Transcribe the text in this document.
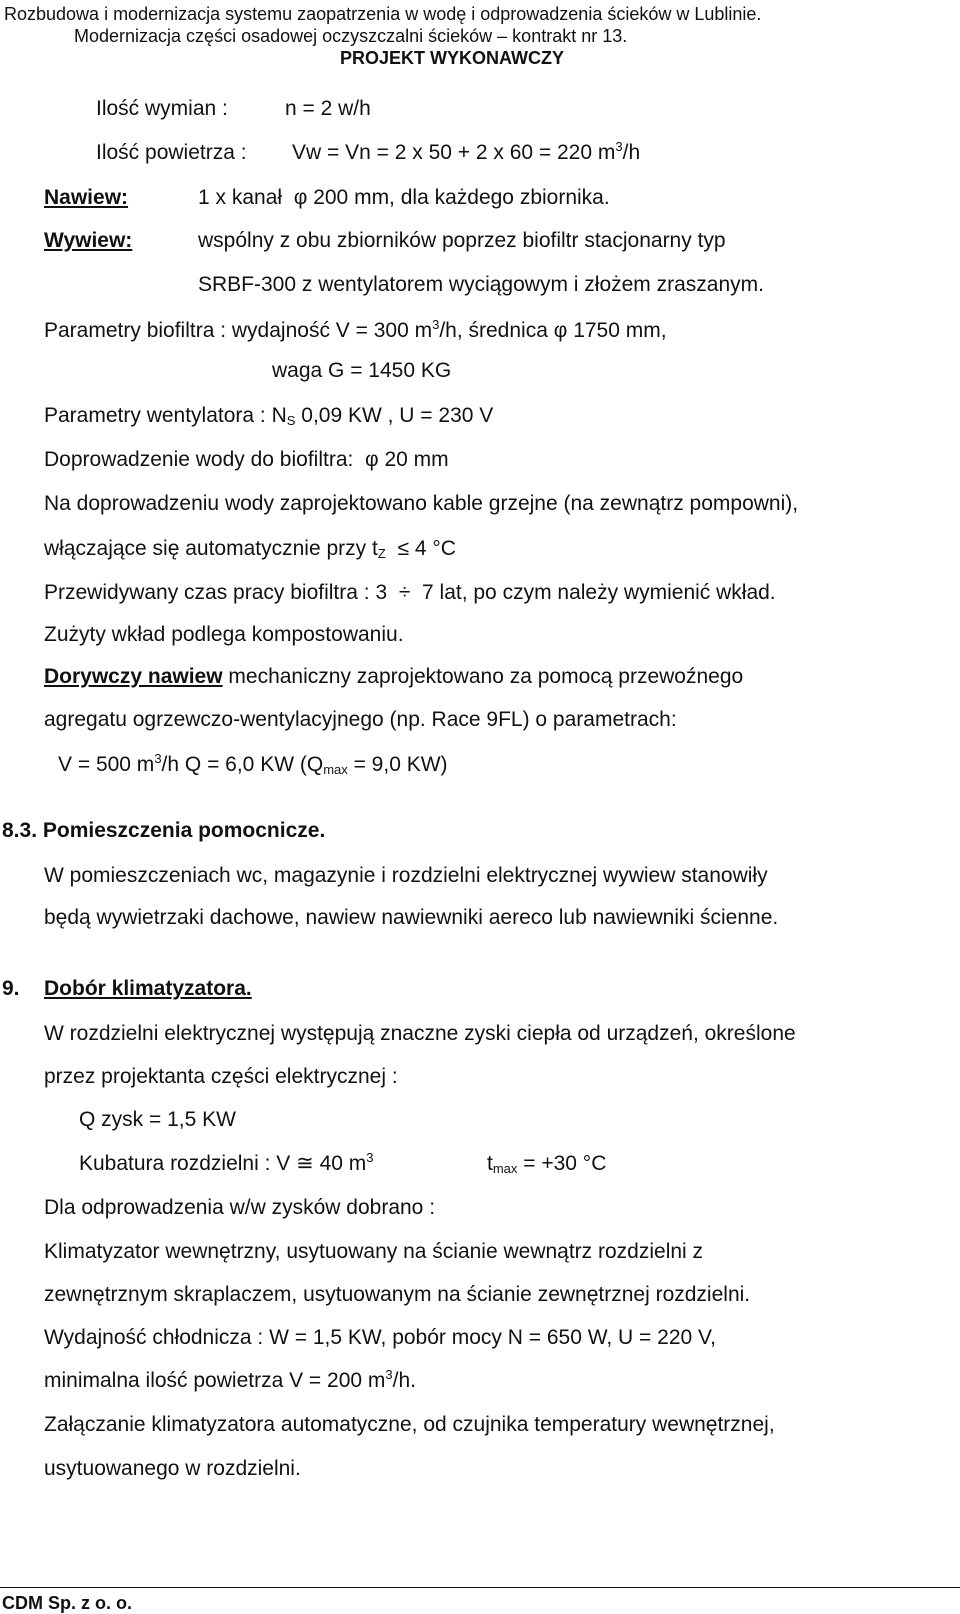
Rozbudowa i modernizacja systemu zaopatrzenia w wodę i odprowadzenia ścieków w Lublinie.
Modernizacja części osadowej oczyszczalni ścieków – kontrakt nr 13.
PROJEKT WYKONAWCZY
Ilość wymian :	n = 2 w/h
Ilość powietrza : Vw = Vn = 2 x 50 + 2 x 60 = 220 $m^3/h$
Nawiew:	1 x kanał φ 200 mm, dla każdego zbiornika.
Wywiew:	wspólny z obu zbiorników poprzez biofiltr stacjonarny typ
SRBF-300 z wentylatorem wyciągowym i złożem zraszanym.
Parametry biofiltra : wydajność V = 300 $m^3/h$, średnica φ 1750 mm,
waga G = 1450 KG
Parametry wentylatora : $N_S$ 0,09 KW , U = 230 V
Doprowadzenie wody do biofiltra: φ 20 mm
Na doprowadzeniu wody zaprojektowano kable grzejne (na zewnątrz pompowni),
włączające się automatycznie przy $t_Z \le 4$ °C
Przewidywany czas pracy biofiltra : 3 ÷ 7 lat, po czym należy wymienić wkład.
Zużyty wkład podlega kompostowaniu.
Dorywczy nawiew mechaniczny zaprojektowano za pomocą przewoźnego
agregatu ogrzewczo-wentylacyjnego (np. Race 9FL) o parametrach:
V = 500 $m^3/h$ Q = 6,0 KW ($Q_{max} = 9,0$ KW)
8.3. Pomieszczenia pomocnicze.
W pomieszczeniach wc, magazynie i rozdzielni elektrycznej wywiew stanowiły
będą wywietrzaki dachowe, nawiew nawiewniki aereco lub nawiewniki ścienne.
9. Dobór klimatyzatora.
W rozdzielni elektrycznej występują znaczne zyski ciepła od urządzeń, określone
przez projektanta części elektrycznej :
Q zysk = 1,5 KW
Kubatura rozdzielni : V ≅ 40 $m^3$	$t_{max} = +30$ °C
Dla odprowadzenia w/w zysków dobrano :
Klimatyzator wewnętrzny, usytuowany na ścianie wewnątrz rozdzielni z
zewnętrznym skraplaczem, usytuowanym na ścianie zewnętrznej rozdzielni.
Wydajność chłodnicza : W = 1,5 KW, pobór mocy N = 650 W, U = 220 V,
minimalna ilość powietrza V = 200 $m^3/h$.
Załączanie klimatyzatora automatyczne, od czujnika temperatury wewnętrznej,
usytuowanego w rozdzielni.
CDM Sp. z o. o.
